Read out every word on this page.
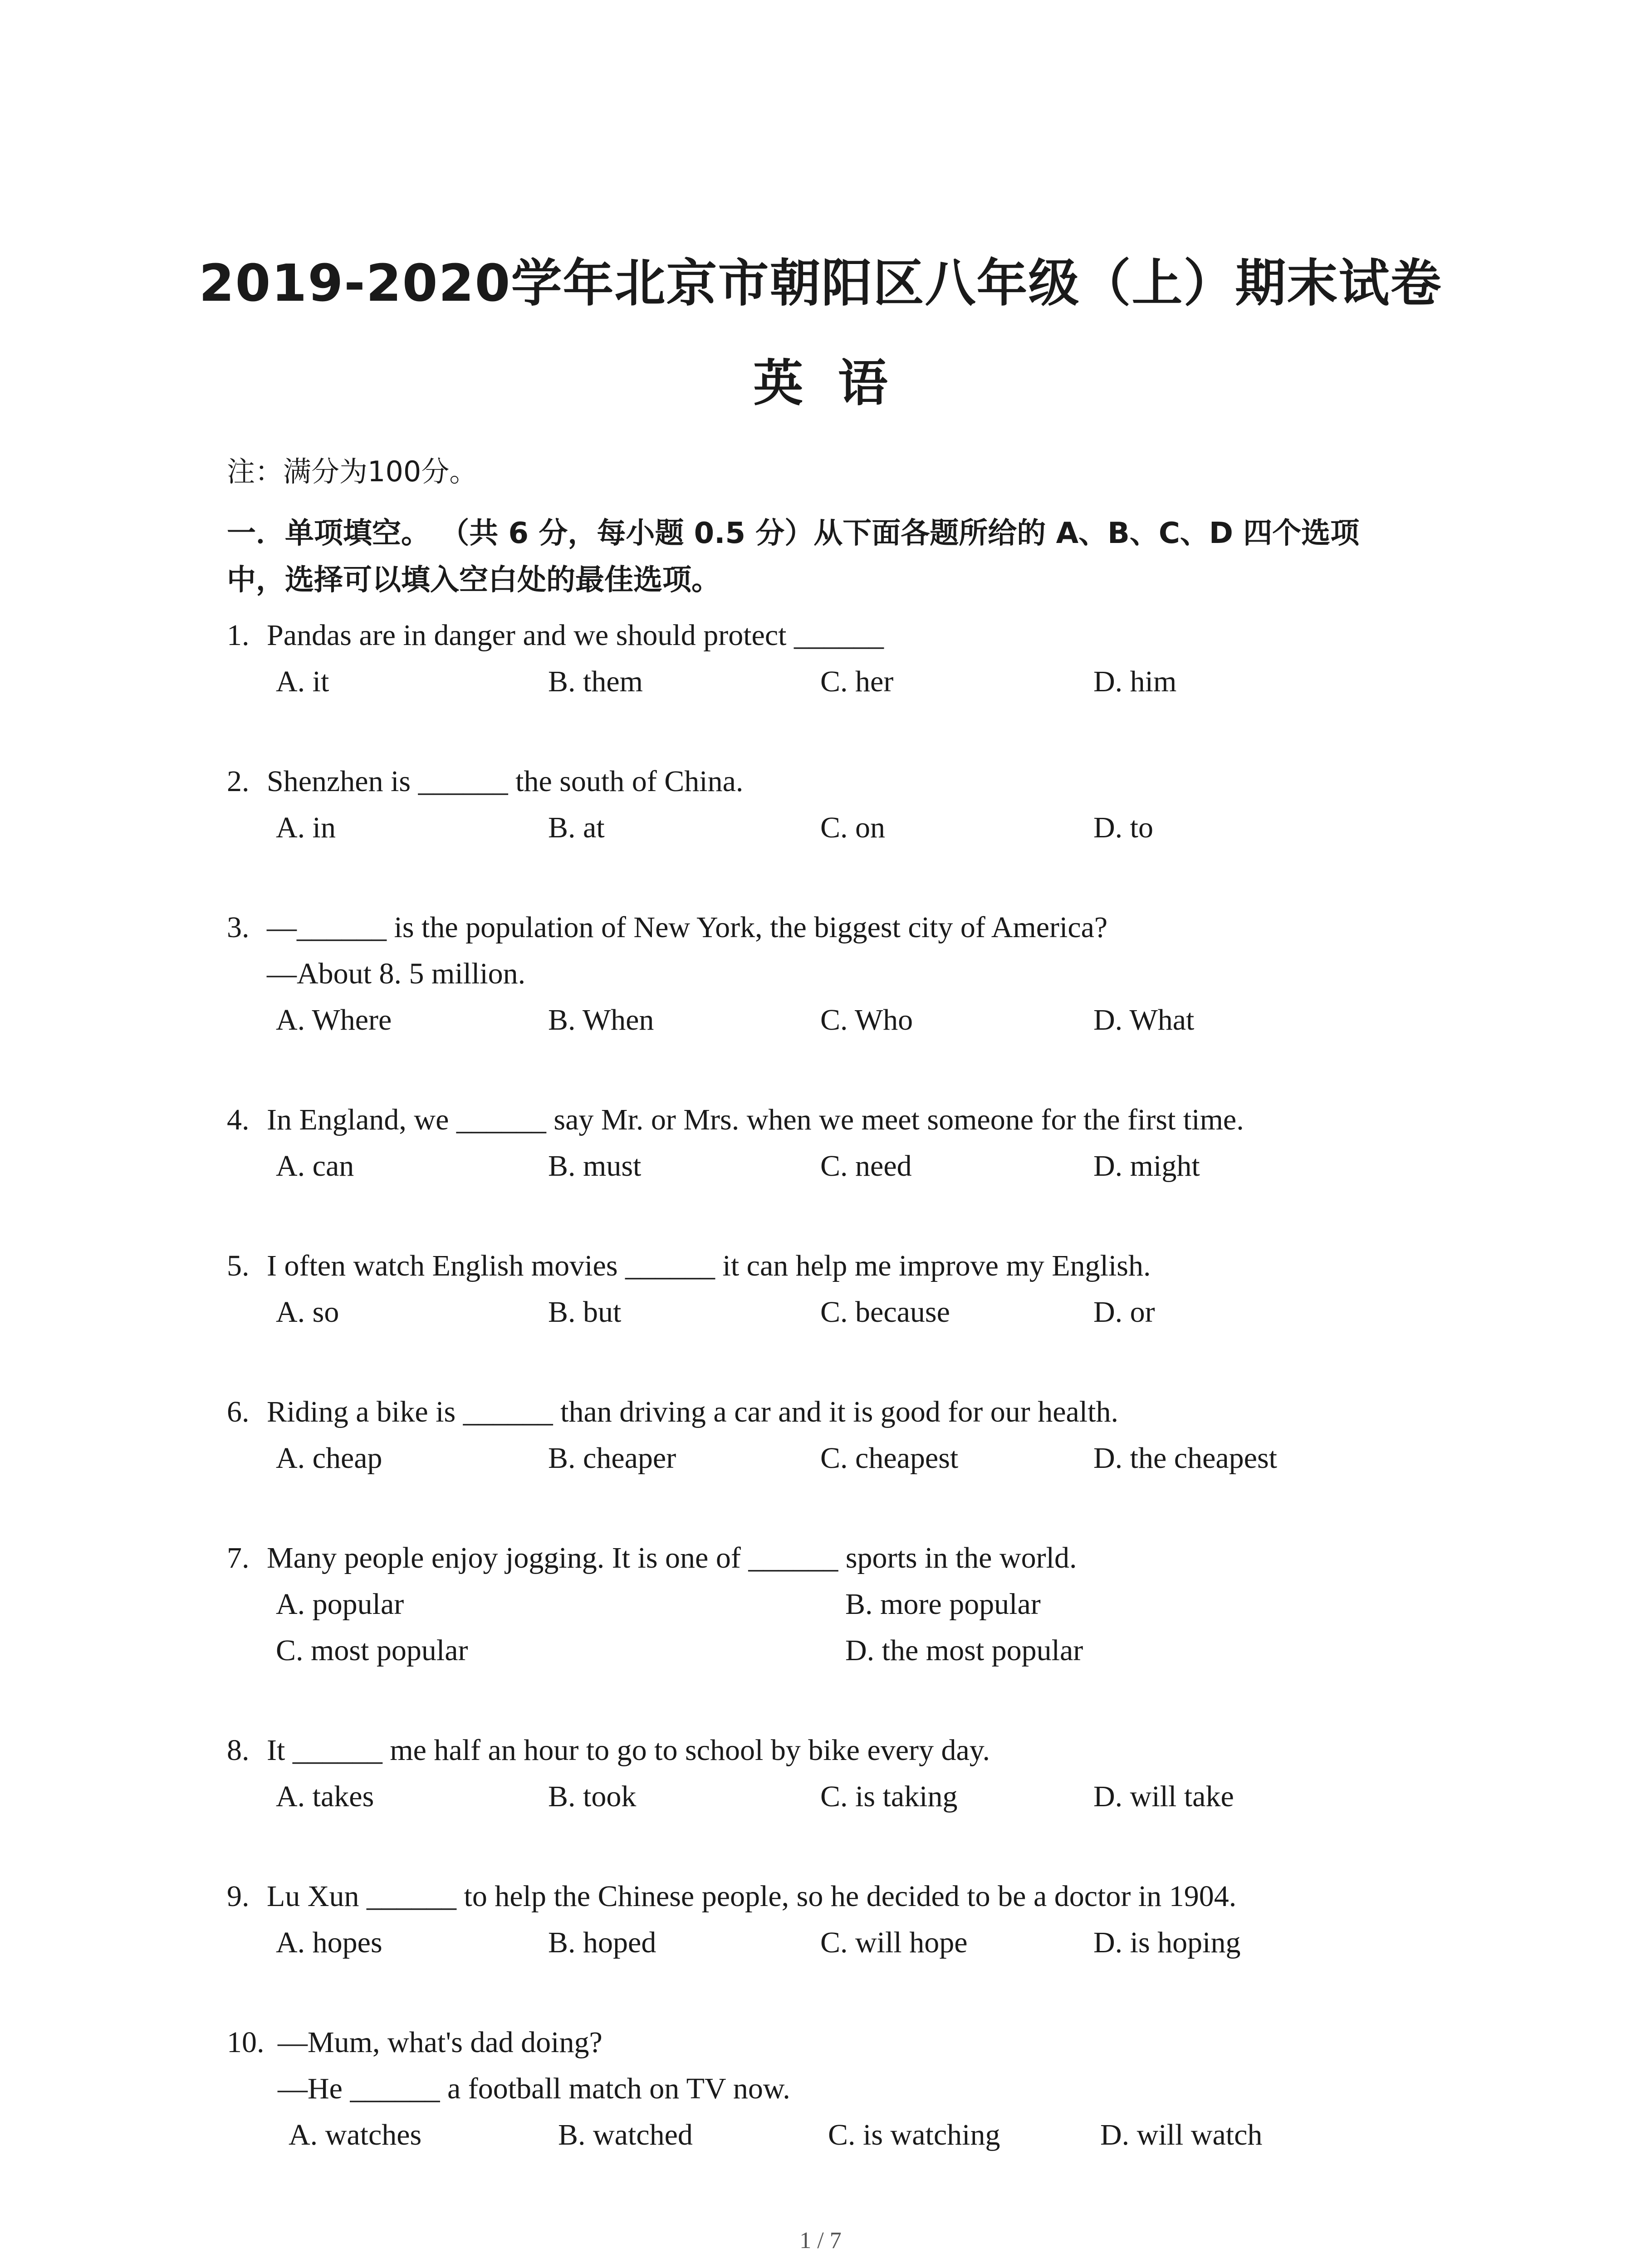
2019-2020学年北京市朝阳区八年级（上）期末试卷
英  语
注：满分为100分。
一．单项填空。 （共 6 分，每小题 0.5 分）从下面各题所给的 A、B、C、D 四个选项中，选择可以填入空白处的最佳选项。
1. Pandas are in danger and we should protect ______
A. it	B. them	C. her	D. him
2. Shenzhen is ______ the south of China.
A. in	B. at	C. on	D. to
3. —______ is the population of New York, the biggest city of America?
—About 8. 5 million.
A. Where	B. When	C. Who	D. What
4. In England, we ______ say Mr. or Mrs. when we meet someone for the first time.
A. can	B. must	C. need	D. might
5. I often watch English movies ______ it can help me improve my English.
A. so	B. but	C. because	D. or
6. Riding a bike is ______ than driving a car and it is good for our health.
A. cheap	B. cheaper	C. cheapest	D. the cheapest
7. Many people enjoy jogging. It is one of ______ sports in the world.
A. popular	B. more popular
C. most popular	D. the most popular
8. It ______ me half an hour to go to school by bike every day.
A. takes	B. took	C. is taking	D. will take
9. Lu Xun ______ to help the Chinese people, so he decided to be a doctor in 1904.
A. hopes	B. hoped	C. will hope	D. is hoping
10. —Mum, what's dad doing?
—He ______ a football match on TV now.
A. watches	B. watched	C. is watching	D. will watch
1 / 7
